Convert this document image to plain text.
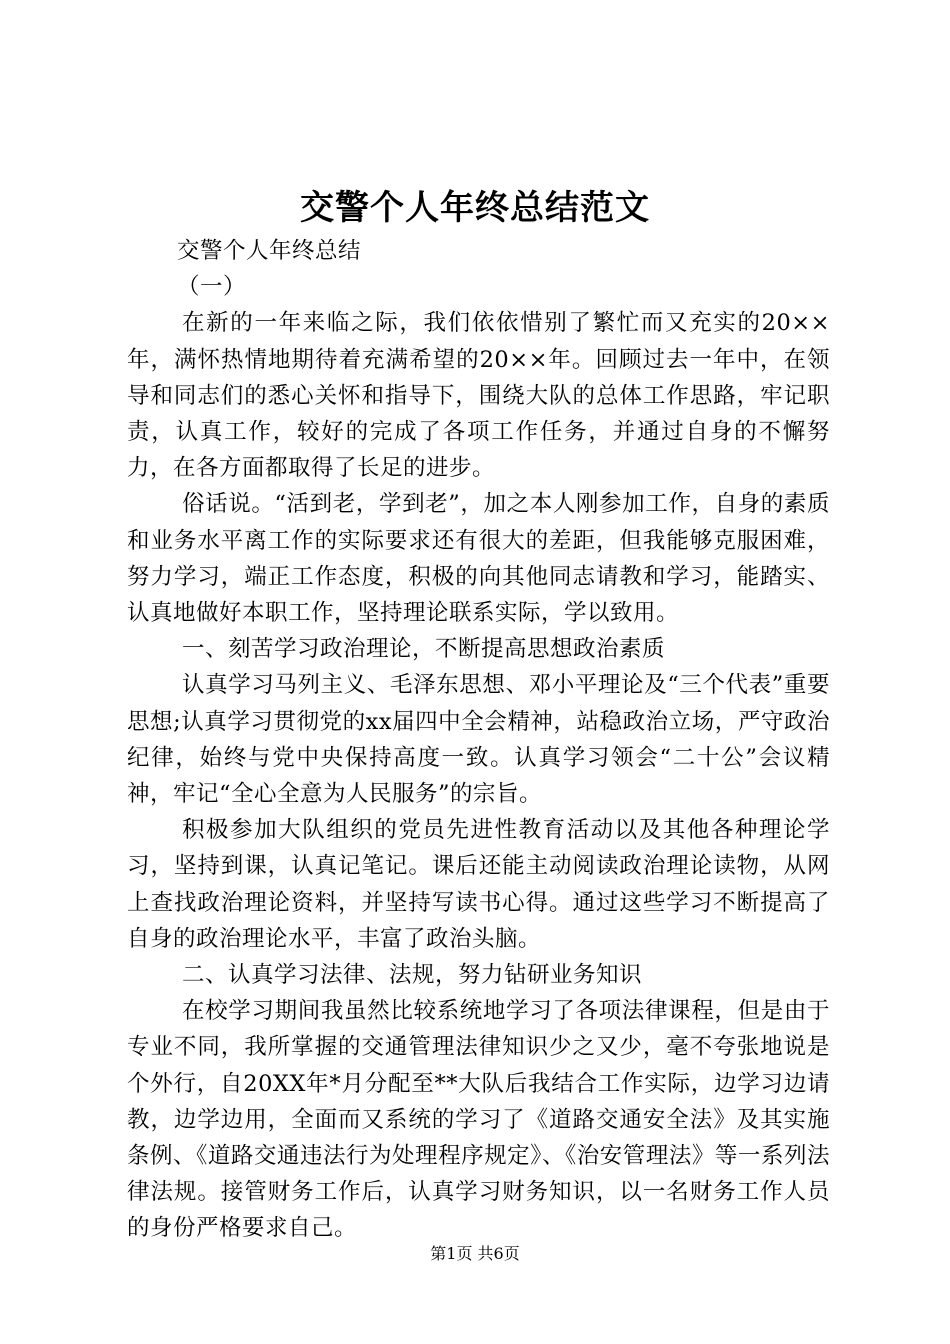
交警个人年终总结范文

交警个人年终总结

（一）

在新的一年来临之际，我们依依惜别了繁忙而又充实的20××年，满怀热情地期待着充满希望的20××年。回顾过去一年中，在领导和同志们的悉心关怀和指导下，围绕大队的总体工作思路，牢记职责，认真工作，较好的完成了各项工作任务，并通过自身的不懈努力，在各方面都取得了长足的进步。

俗话说。“活到老，学到老”，加之本人刚参加工作，自身的素质和业务水平离工作的实际要求还有很大的差距，但我能够克服困难，努力学习，端正工作态度，积极的向其他同志请教和学习，能踏实、认真地做好本职工作，坚持理论联系实际，学以致用。

一、刻苦学习政治理论，不断提高思想政治素质

认真学习马列主义、毛泽东思想、邓小平理论及“三个代表”重要思想;认真学习贯彻党的xx届四中全会精神，站稳政治立场，严守政治纪律，始终与党中央保持高度一致。认真学习领会“二十公”会议精神，牢记“全心全意为人民服务”的宗旨。

积极参加大队组织的党员先进性教育活动以及其他各种理论学习，坚持到课，认真记笔记。课后还能主动阅读政治理论读物，从网上查找政治理论资料，并坚持写读书心得。通过这些学习不断提高了自身的政治理论水平，丰富了政治头脑。

二、认真学习法律、法规，努力钻研业务知识

在校学习期间我虽然比较系统地学习了各项法律课程，但是由于专业不同，我所掌握的交通管理法律知识少之又少，毫不夸张地说是个外行，自20XX年*月分配至**大队后我结合工作实际，边学习边请教，边学边用，全面而又系统的学习了《道路交通安全法》及其实施条例、《道路交通违法行为处理程序规定》、《治安管理法》等一系列法律法规。接管财务工作后，认真学习财务知识，以一名财务工作人员的身份严格要求自己。

第1页 共6页
